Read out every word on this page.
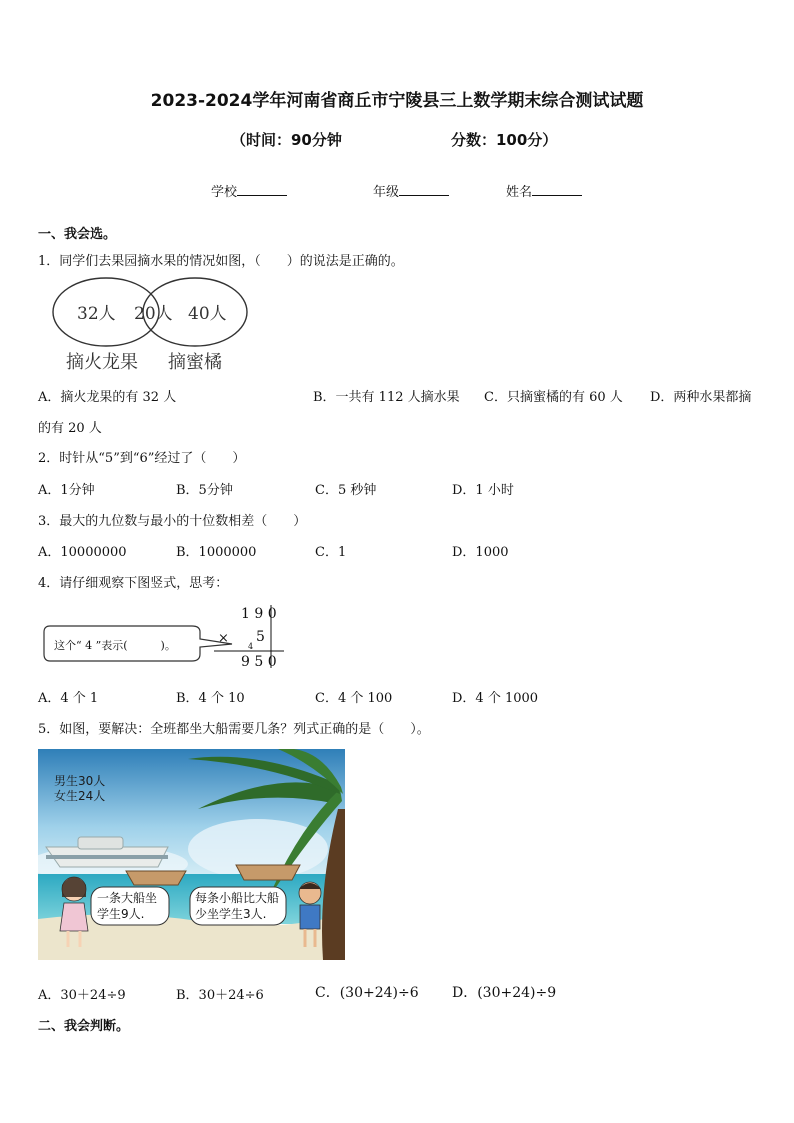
2023-2024学年河南省商丘市宁陵县三上数学期末综合测试试题
（时间：90分钟	分数：100分）
学校	年级	姓名
一、我会选。
1．同学们去果园摘水果的情况如图，（　　）的说法是正确的。
32人 20人 40人
摘火龙果 摘蜜橘
A．摘火龙果的有 32 人	B．一共有 112 人摘水果 C．只摘蜜橘的有 60 人 D．两种水果都摘
的有 20 人
2．时针从“5”到“6”经过了（　　）
A．1分钟	B．5分钟	C．5 秒钟	D．1 小时
3．最大的九位数与最小的十位数相差（　　）
A．10000000	B．1000000	C．1	D．1000
4．请仔细观察下图竖式，思考：
这个“ 4 ”表示(　　　)。
1 9 0
× 5
4
9 5 0
A．4 个 1	B．4 个 10	C．4 个 100	D．4 个 1000
5．如图，要解决：全班都坐大船需要几条？列式正确的是（　　）。
男生30人
女生24人
一条大船坐
学生9人.
每条小船比大船
少坐学生3人.
A．30＋24÷9	B．30＋24÷6	C．(30+24)÷6 D．(30+24)÷9
二、我会判断。
